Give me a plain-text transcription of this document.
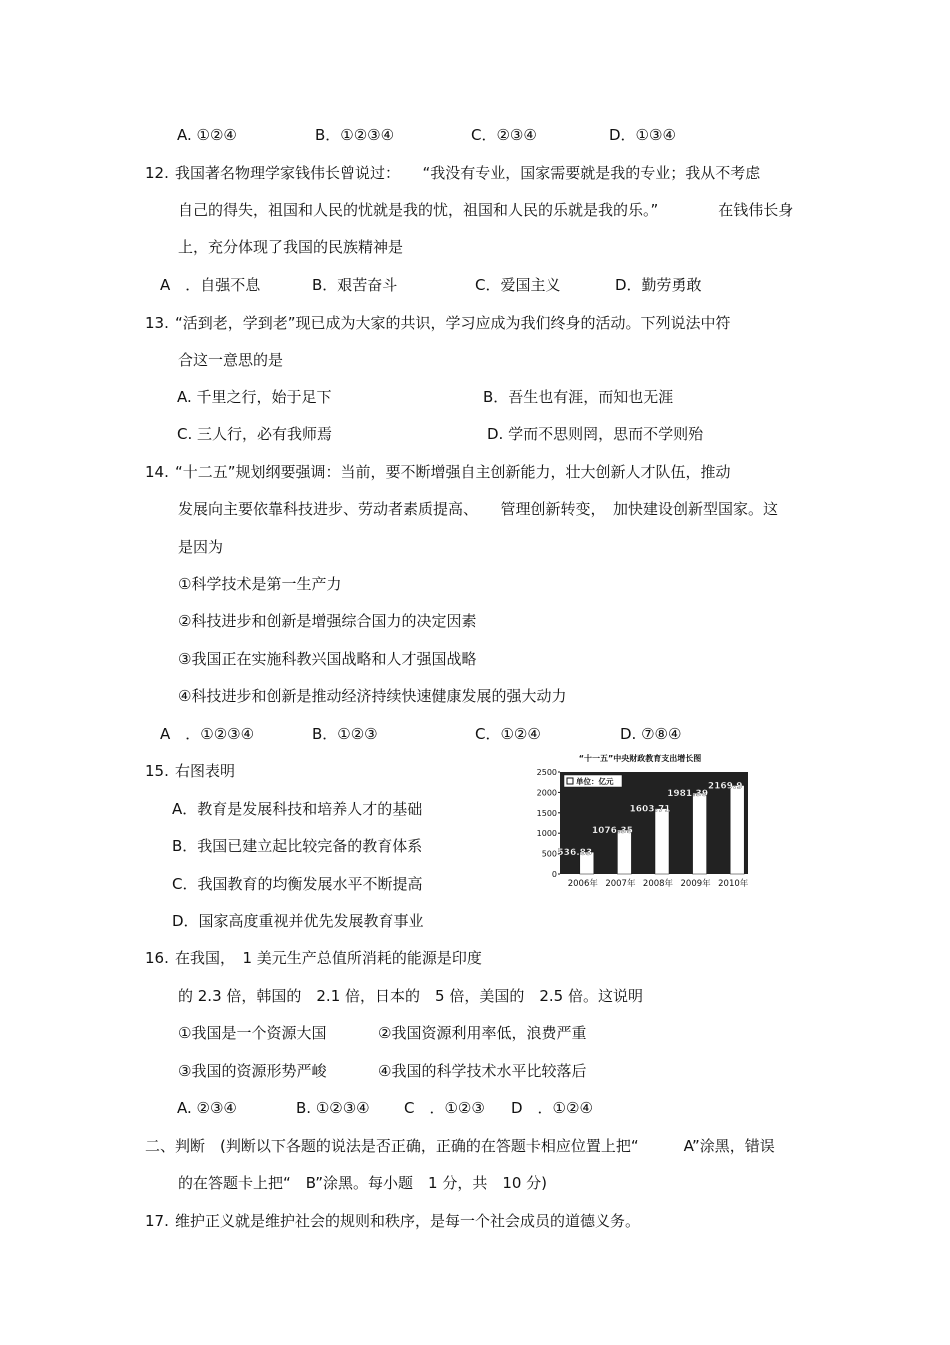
A. ①②④	B．①②③④	C．②③④	D．①③④
12. 我国著名物理学家钱伟长曾说过：　　“我没有专业，国家需要就是我的专业；我从不考虑
自己的得失，祖国和人民的忧就是我的忧，祖国和人民的乐就是我的乐。”　　　　在钱伟长身
上，充分体现了我国的民族精神是
A　．自强不息	B．艰苦奋斗	C．爱国主义	D．勤劳勇敢
13. “活到老，学到老”现已成为大家的共识，学习应成为我们终身的活动。下列说法中符
合这一意思的是
A. 千里之行，始于足下	B．吾生也有涯，而知也无涯
C. 三人行，必有我师焉	D. 学而不思则罔，思而不学则殆
14. “十二五”规划纲要强调：当前，要不断增强自主创新能力，壮大创新人才队伍，推动
发展向主要依靠科技进步、劳动者素质提高、　　管理创新转变，　加快建设创新型国家。这
是因为
①科学技术是第一生产力
②科技进步和创新是增强综合国力的决定因素
③我国正在实施科教兴国战略和人才强国战略
④科技进步和创新是推动经济持续快速健康发展的强大动力
A　．①②③④	B．①②③	C．①②④	D. ⑦⑧④
15. 右图表明
A．教育是发展科技和培养人才的基础
B．我国已建立起比较完备的教育体系
C．我国教育的均衡发展水平不断提高
D．国家高度重视并优先发展教育事业
“十一五”中央财政教育支出增长图
单位：亿元
0
500
1000
1500
2000
2500
536.83
1076.35
1603.71
1981.39
2169.9
2006年 2007年 2008年 2009年 2010年
16. 在我国，　1 美元生产总值所消耗的能源是印度
的 2.3 倍，韩国的　2.1 倍，日本的　5 倍，美国的　2.5 倍。这说明
①我国是一个资源大国	②我国资源利用率低，浪费严重
③我国的资源形势严峻	④我国的科学技术水平比较落后
A. ②③④	B. ①②③④ C　．①②③ D　．①②④
二、判断　(判断以下各题的说法是否正确，正确的在答题卡相应位置上把“　　　A”涂黑，错误
的在答题卡上把“　B”涂黑。每小题　1 分，共　10 分)
17. 维护正义就是维护社会的规则和秩序，是每一个社会成员的道德义务。
